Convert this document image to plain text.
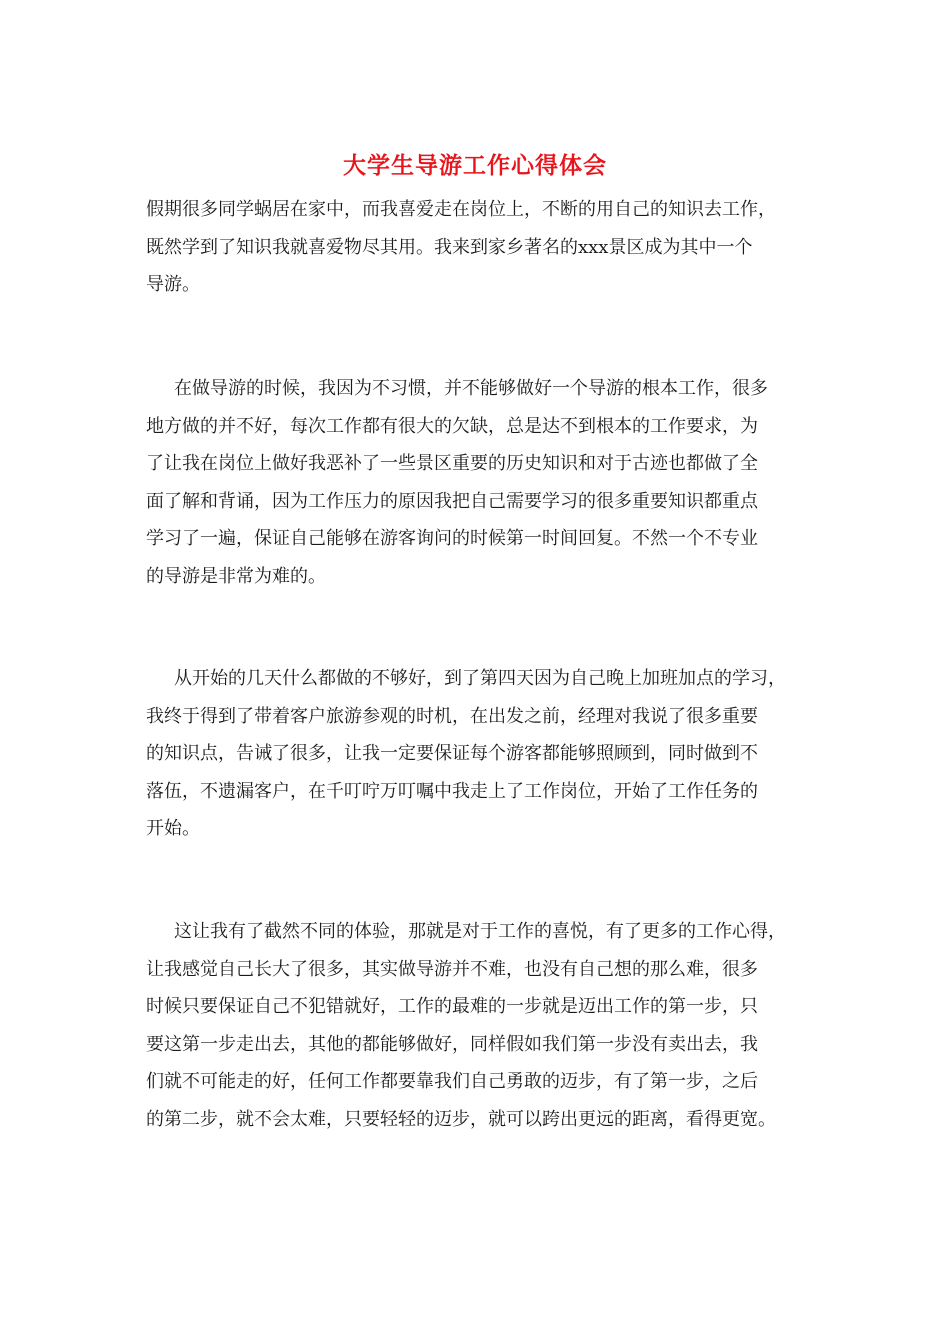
大学生导游工作心得体会
假期很多同学蜗居在家中，而我喜爱走在岗位上，不断的用自己的知识去工作，
既然学到了知识我就喜爱物尽其用。我来到家乡著名的xxx景区成为其中一个
导游。
在做导游的时候，我因为不习惯，并不能够做好一个导游的根本工作，很多
地方做的并不好，每次工作都有很大的欠缺，总是达不到根本的工作要求，为
了让我在岗位上做好我恶补了一些景区重要的历史知识和对于古迹也都做了全
面了解和背诵，因为工作压力的原因我把自己需要学习的很多重要知识都重点
学习了一遍，保证自己能够在游客询问的时候第一时间回复。不然一个不专业
的导游是非常为难的。
从开始的几天什么都做的不够好，到了第四天因为自己晚上加班加点的学习，
我终于得到了带着客户旅游参观的时机，在出发之前，经理对我说了很多重要
的知识点，告诫了很多，让我一定要保证每个游客都能够照顾到，同时做到不
落伍，不遗漏客户，在千叮咛万叮嘱中我走上了工作岗位，开始了工作任务的
开始。
这让我有了截然不同的体验，那就是对于工作的喜悦，有了更多的工作心得，
让我感觉自己长大了很多，其实做导游并不难，也没有自己想的那么难，很多
时候只要保证自己不犯错就好，工作的最难的一步就是迈出工作的第一步，只
要这第一步走出去，其他的都能够做好，同样假如我们第一步没有卖出去，我
们就不可能走的好，任何工作都要靠我们自己勇敢的迈步，有了第一步，之后
的第二步，就不会太难，只要轻轻的迈步，就可以跨出更远的距离，看得更宽。
